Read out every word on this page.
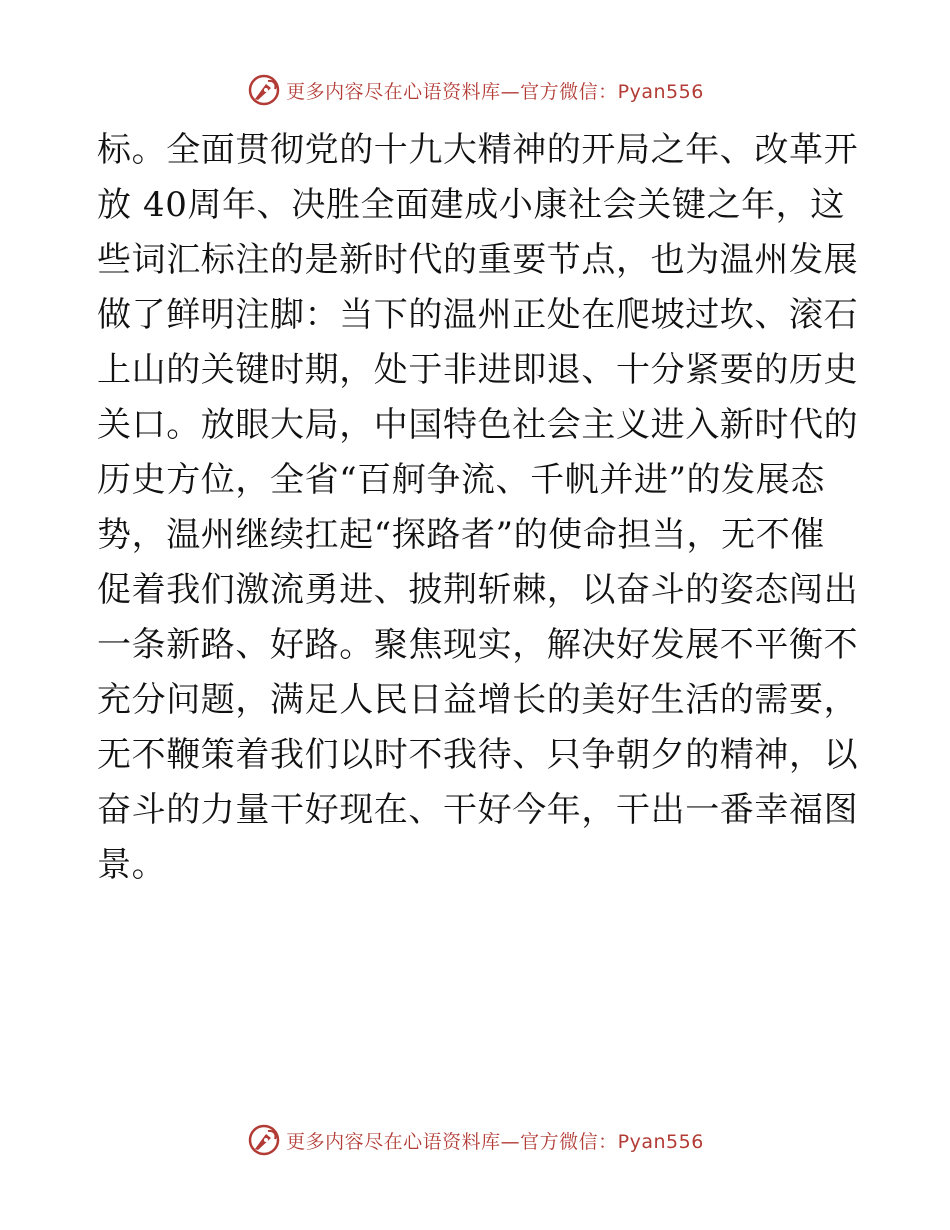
更多内容尽在心语资料库—官方微信：Pyan556
标。全面贯彻党的十九大精神的开局之年、改革开
放 40周年、决胜全面建成小康社会关键之年，这
些词汇标注的是新时代的重要节点，也为温州发展
做了鲜明注脚：当下的温州正处在爬坡过坎、滚石
上山的关键时期，处于非进即退、十分紧要的历史
关口。放眼大局，中国特色社会主义进入新时代的
历史方位，全省“百舸争流、千帆并进”的发展态
势，温州继续扛起“探路者”的使命担当，无不催
促着我们激流勇进、披荆斩棘，以奋斗的姿态闯出
一条新路、好路。聚焦现实，解决好发展不平衡不
充分问题，满足人民日益增长的美好生活的需要，
无不鞭策着我们以时不我待、只争朝夕的精神，以
奋斗的力量干好现在、干好今年，干出一番幸福图
景。
更多内容尽在心语资料库—官方微信：Pyan556
